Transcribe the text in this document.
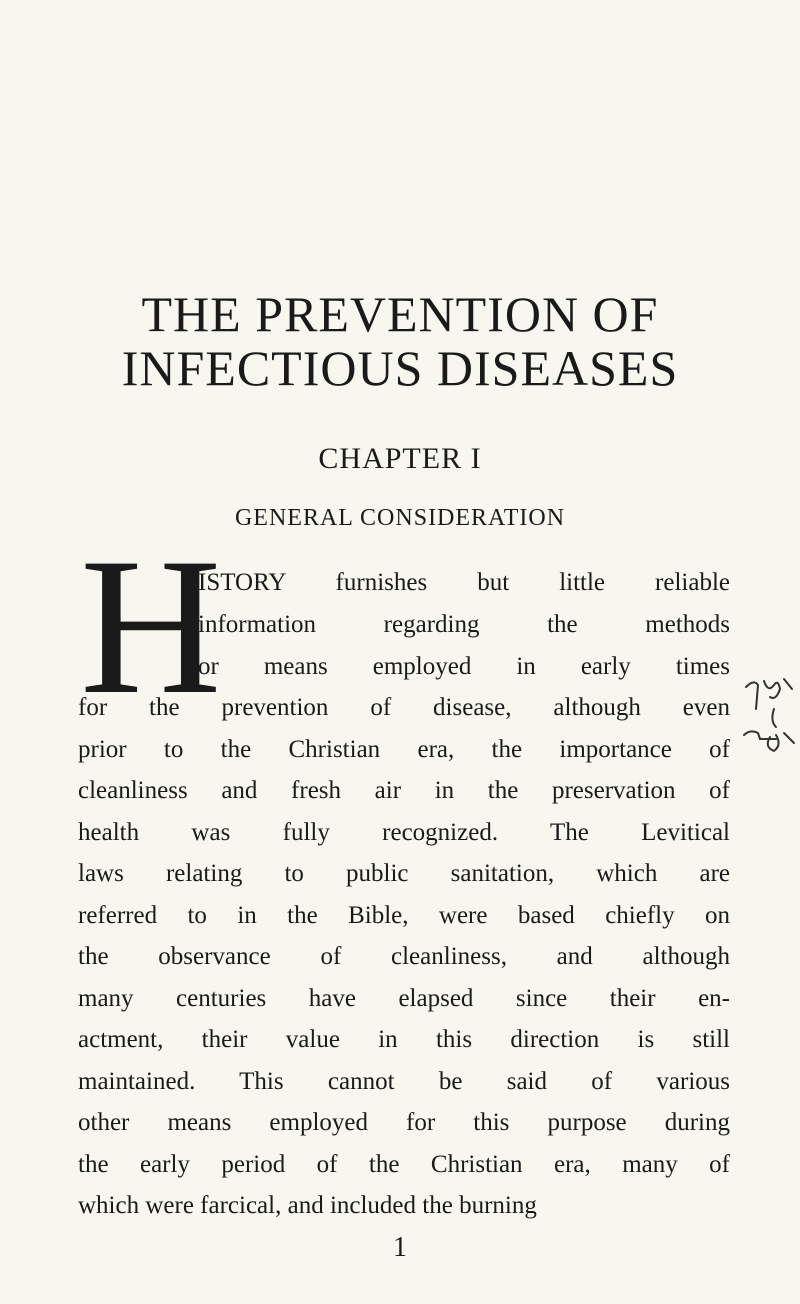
THE PREVENTION OF
INFECTIOUS DISEASES
CHAPTER I
GENERAL CONSIDERATION
H
ISTORY furnishes but little reliable
information regarding the methods
or means employed in early times
for the prevention of disease, although even
prior to the Christian era, the importance of
cleanliness and fresh air in the preservation of
health was fully recognized. The Levitical
laws relating to public sanitation, which are
referred to in the Bible, were based chiefly on
the observance of cleanliness, and although
many centuries have elapsed since their en-
actment, their value in this direction is still
maintained. This cannot be said of various
other means employed for this purpose during
the early period of the Christian era, many of
which were farcical, and included the burning
1
